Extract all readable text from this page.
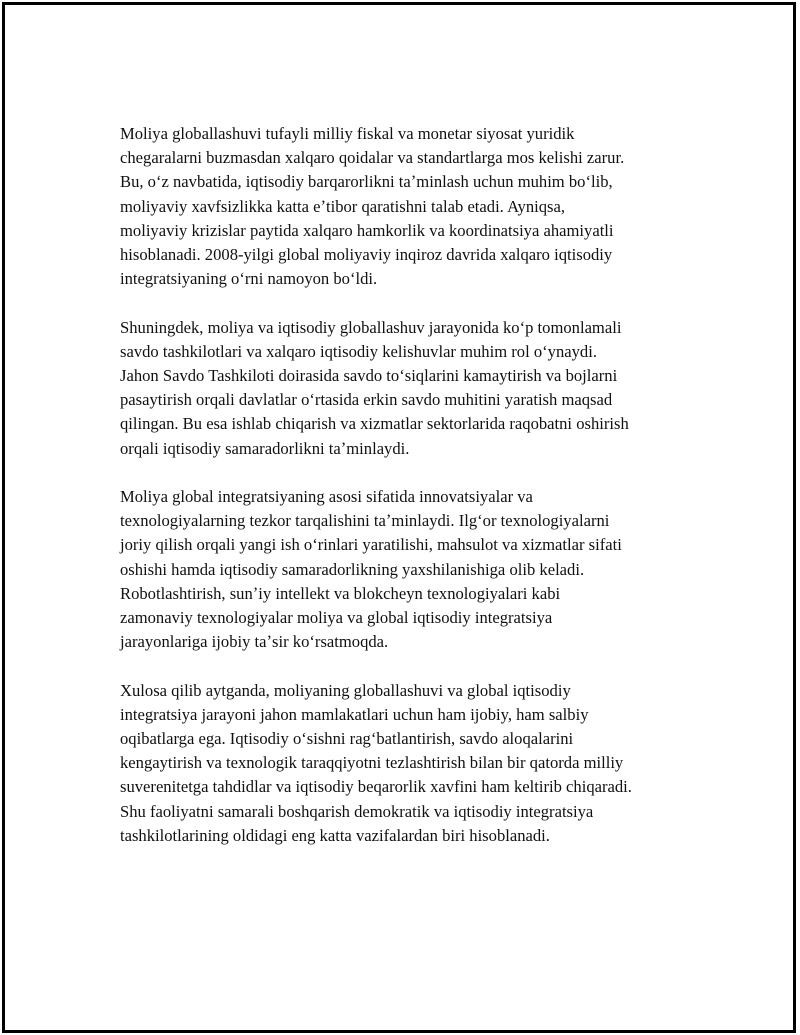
Moliya globallashuvi tufayli milliy fiskal va monetar siyosat yuridik
chegaralarni buzmasdan xalqaro qoidalar va standartlarga mos kelishi zarur.
Bu, oʻz navbatida, iqtisodiy barqarorlikni taʼminlash uchun muhim boʻlib,
moliyaviy xavfsizlikka katta eʼtibor qaratishni talab etadi. Ayniqsa,
moliyaviy krizislar paytida xalqaro hamkorlik va koordinatsiya ahamiyatli
hisoblanadi. 2008-yilgi global moliyaviy inqiroz davrida xalqaro iqtisodiy
integratsiyaning oʻrni namoyon boʻldi.

Shuningdek, moliya va iqtisodiy globallashuv jarayonida koʻp tomonlamali
savdo tashkilotlari va xalqaro iqtisodiy kelishuvlar muhim rol oʻynaydi.
Jahon Savdo Tashkiloti doirasida savdo toʻsiqlarini kamaytirish va bojlarni
pasaytirish orqali davlatlar oʻrtasida erkin savdo muhitini yaratish maqsad
qilingan. Bu esa ishlab chiqarish va xizmatlar sektorlarida raqobatni oshirish
orqali iqtisodiy samaradorlikni taʼminlaydi.

Moliya global integratsiyaning asosi sifatida innovatsiyalar va
texnologiyalarning tezkor tarqalishini taʼminlaydi. Ilgʻor texnologiyalarni
joriy qilish orqali yangi ish oʻrinlari yaratilishi, mahsulot va xizmatlar sifati
oshishi hamda iqtisodiy samaradorlikning yaxshilanishiga olib keladi.
Robotlashtirish, sunʼiy intellekt va blokcheyn texnologiyalari kabi
zamonaviy texnologiyalar moliya va global iqtisodiy integratsiya
jarayonlariga ijobiy taʼsir koʻrsatmoqda.

Xulosa qilib aytganda, moliyaning globallashuvi va global iqtisodiy
integratsiya jarayoni jahon mamlakatlari uchun ham ijobiy, ham salbiy
oqibatlarga ega. Iqtisodiy oʻsishni ragʻbatlantirish, savdo aloqalarini
kengaytirish va texnologik taraqqiyotni tezlashtirish bilan bir qatorda milliy
suverenitetga tahdidlar va iqtisodiy beqarorlik xavfini ham keltirib chiqaradi.
Shu faoliyatni samarali boshqarish demokratik va iqtisodiy integratsiya
tashkilotlarining oldidagi eng katta vazifalardan biri hisoblanadi.
